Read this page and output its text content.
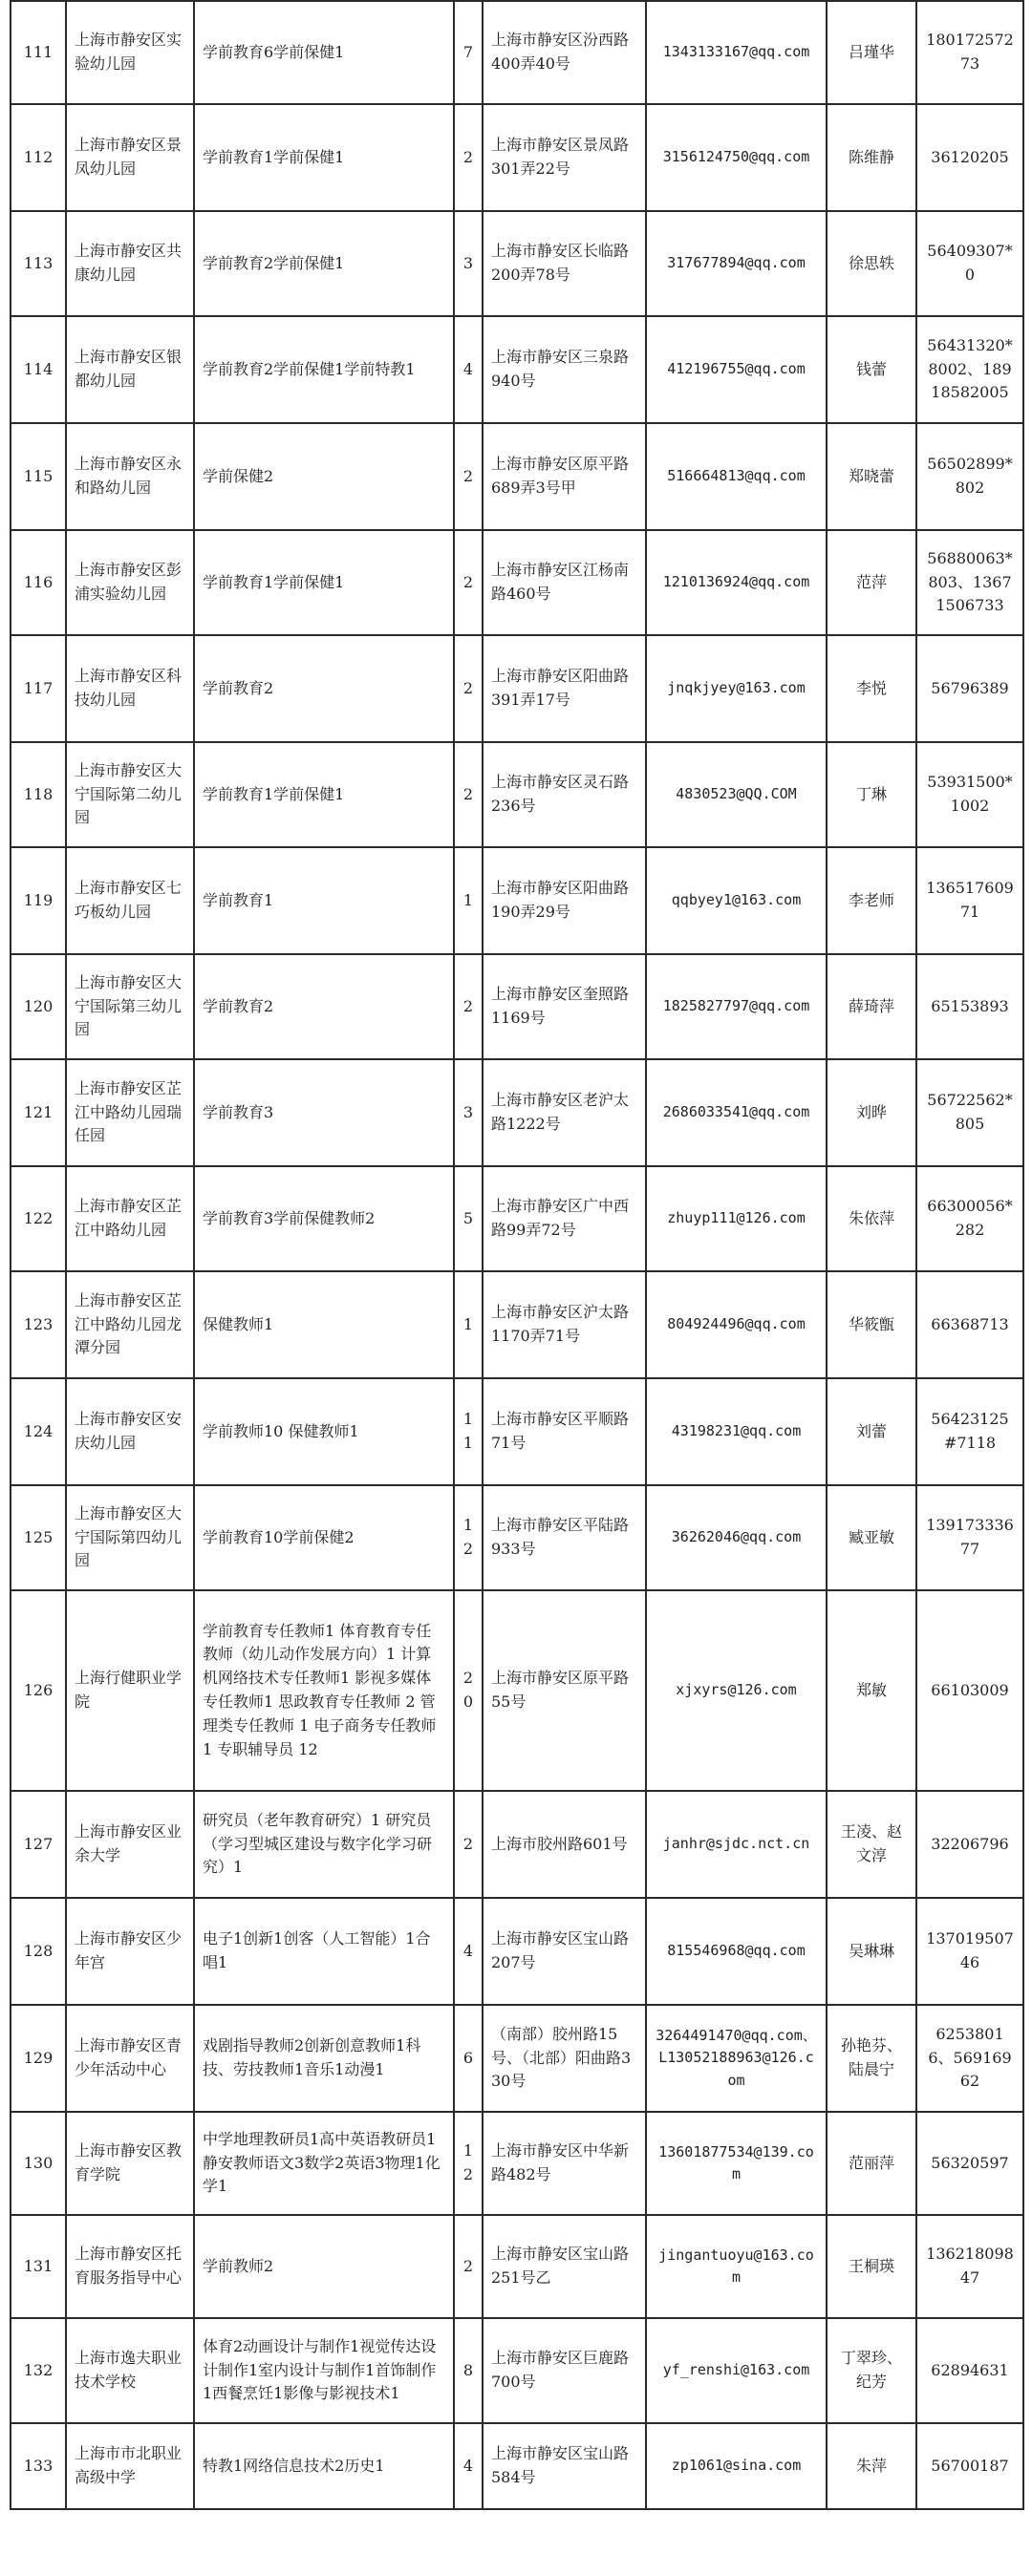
111	上海市静安区实验幼儿园	学前教育6学前保健1	7	上海市静安区汾西路400弄40号	1343133167@qq.com	吕瑾华	18017257273
112	上海市静安区景凤幼儿园	学前教育1学前保健1	2	上海市静安区景凤路301弄22号	3156124750@qq.com	陈维静	36120205
113	上海市静安区共康幼儿园	学前教育2学前保健1	3	上海市静安区长临路200弄78号	317677894@qq.com	徐思轶	56409307*0
114	上海市静安区银都幼儿园	学前教育2学前保健1学前特教1	4	上海市静安区三泉路940号	412196755@qq.com	钱蕾	56431320*8002、18918582005
115	上海市静安区永和路幼儿园	学前保健2	2	上海市静安区原平路689弄3号甲	516664813@qq.com	郑晓蕾	56502899*802
116	上海市静安区彭浦实验幼儿园	学前教育1学前保健1	2	上海市静安区江杨南路460号	1210136924@qq.com	范萍	56880063*803、13671506733
117	上海市静安区科技幼儿园	学前教育2	2	上海市静安区阳曲路391弄17号	jnqkjyey@163.com	李悦	56796389
118	上海市静安区大宁国际第二幼儿园	学前教育1学前保健1	2	上海市静安区灵石路236号	4830523@QQ.COM	丁琳	53931500*1002
119	上海市静安区七巧板幼儿园	学前教育1	1	上海市静安区阳曲路190弄29号	qqbyey1@163.com	李老师	13651760971
120	上海市静安区大宁国际第三幼儿园	学前教育2	2	上海市静安区奎照路1169号	1825827797@qq.com	薛琦萍	65153893
121	上海市静安区芷江中路幼儿园瑞任园	学前教育3	3	上海市静安区老沪太路1222号	2686033541@qq.com	刘晔	56722562*805
122	上海市静安区芷江中路幼儿园	学前教育3学前保健教师2	5	上海市静安区广中西路99弄72号	zhuyp111@126.com	朱依萍	66300056*282
123	上海市静安区芷江中路幼儿园龙潭分园	保健教师1	1	上海市静安区沪太路1170弄71号	804924496@qq.com	华筱甑	66368713
124	上海市静安区安庆幼儿园	学前教师10 保健教师1	11	上海市静安区平顺路71号	43198231@qq.com	刘蕾	56423125#7118
125	上海市静安区大宁国际第四幼儿园	学前教育10学前保健2	12	上海市静安区平陆路933号	36262046@qq.com	臧亚敏	13917333677
126	上海行健职业学院	学前教育专任教师1 体育教育专任教师（幼儿动作发展方向）1 计算机网络技术专任教师1 影视多媒体专任教师1 思政教育专任教师 2 管理类专任教师 1 电子商务专任教师 1 专职辅导员 12	20	上海市静安区原平路55号	xjxyrs@126.com	郑敏	66103009
127	上海市静安区业余大学	研究员（老年教育研究）1 研究员（学习型城区建设与数字化学习研究）1	2	上海市胶州路601号	janhr@sjdc.nct.cn	王凌、赵文淳	32206796
128	上海市静安区少年宫	电子1创新1创客（人工智能）1合唱1	4	上海市静安区宝山路207号	815546968@qq.com	吴琳琳	13701950746
129	上海市静安区青少年活动中心	戏剧指导教师2创新创意教师1科技、劳技教师1音乐1动漫1	6	（南部）胶州路15号、（北部）阳曲路330号	3264491470@qq.com、L13052188963@126.com	孙艳芬、陆晨宁	62538016、56916962
130	上海市静安区教育学院	中学地理教研员1高中英语教研员1静安教师语文3数学2英语3物理1化学1	12	上海市静安区中华新路482号	13601877534@139.com	范丽萍	56320597
131	上海市静安区托育服务指导中心	学前教师2	2	上海市静安区宝山路251号乙	jingantuoyu@163.com	王桐瑛	13621809847
132	上海市逸夫职业技术学校	体育2动画设计与制作1视觉传达设计制作1室内设计与制作1首饰制作1西餐烹饪1影像与影视技术1	8	上海市静安区巨鹿路700号	yf_renshi@163.com	丁翠珍、纪芳	62894631
133	上海市市北职业高级中学	特教1网络信息技术2历史1	4	上海市静安区宝山路584号	zp1061@sina.com	朱萍	56700187
